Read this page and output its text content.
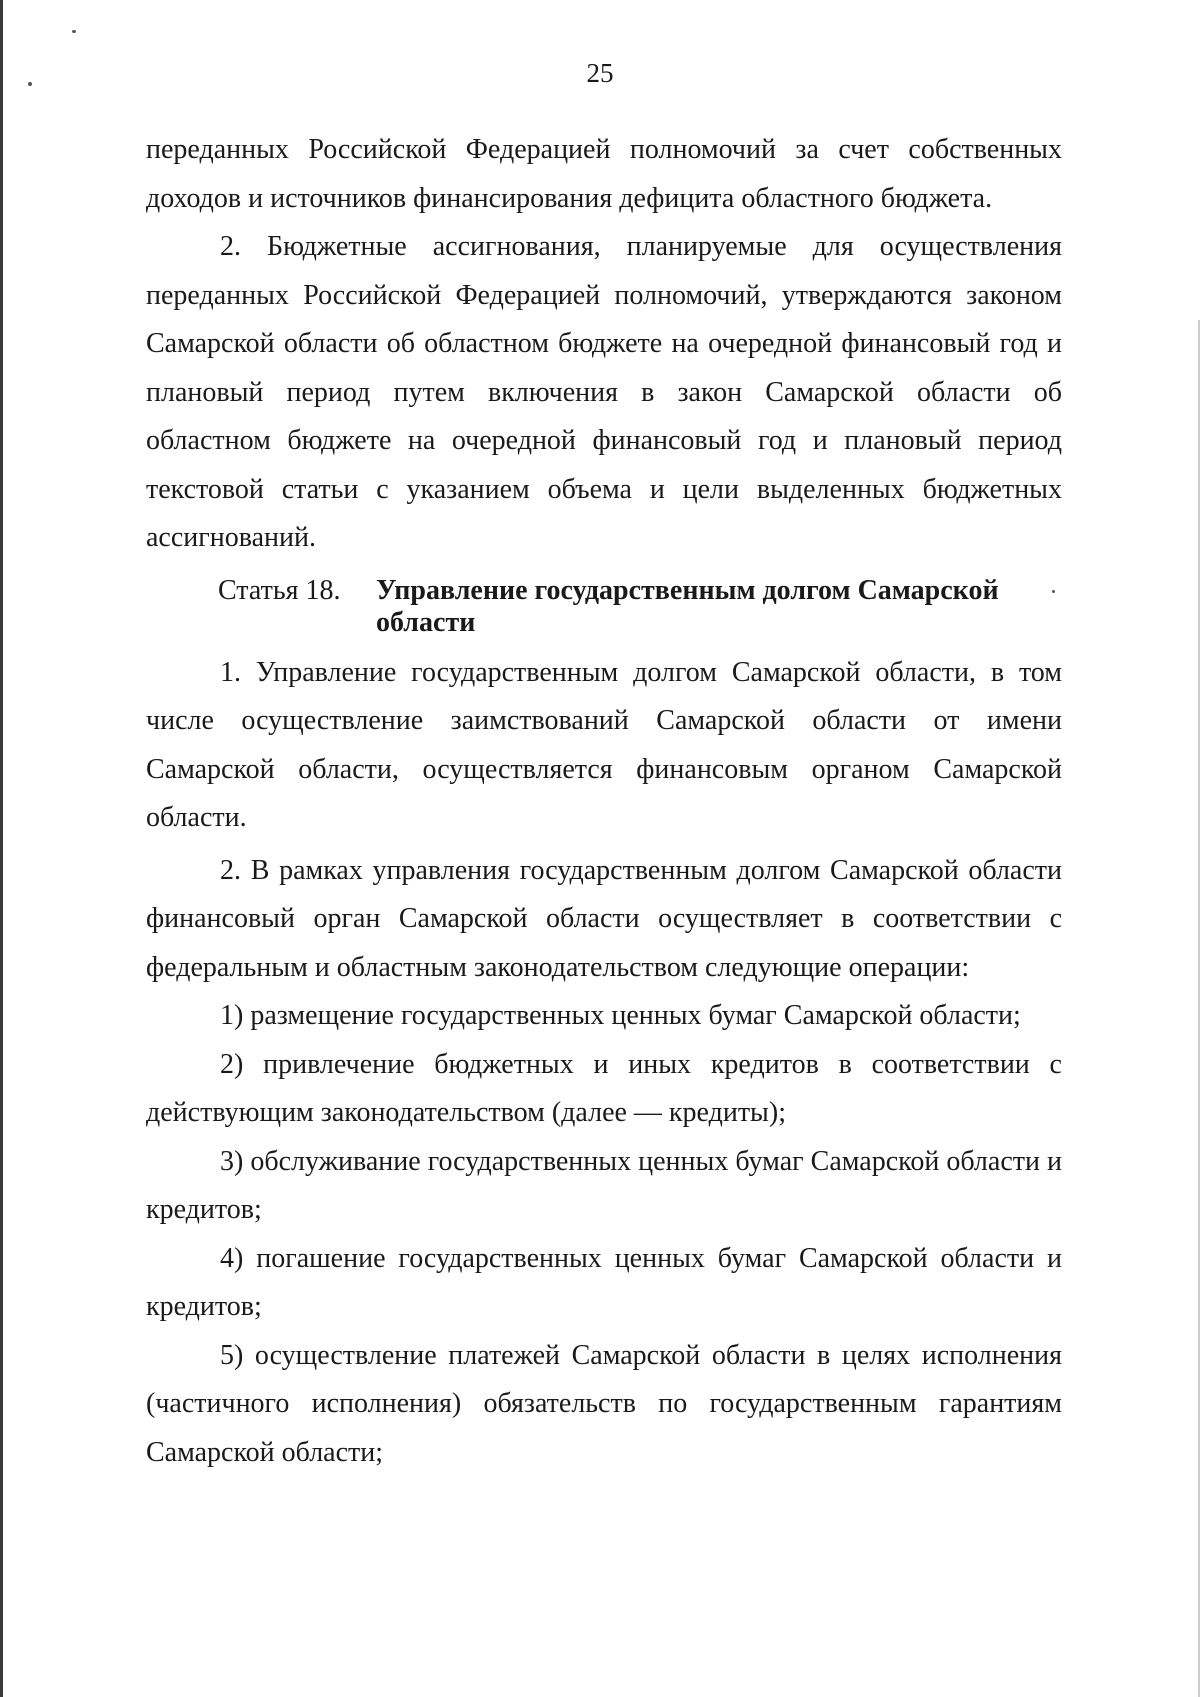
25

переданных Российской Федерацией полномочий за счет собственных доходов и источников финансирования дефицита областного бюджета.

2. Бюджетные ассигнования, планируемые для осуществления переданных Российской Федерацией полномочий, утверждаются законом Самарской области об областном бюджете на очередной финансовый год и плановый период путем включения в закон Самарской области об областном бюджете на очередной финансовый год и плановый период текстовой статьи с указанием объема и цели выделенных бюджетных ассигнований.

Статья 18.	Управление государственным долгом Самарской области

1. Управление государственным долгом Самарской области, в том числе осуществление заимствований Самарской области от имени Самарской области, осуществляется финансовым органом Самарской области.

2. В рамках управления государственным долгом Самарской области финансовый орган Самарской области осуществляет в соответствии с федеральным и областным законодательством следующие операции:

1) размещение государственных ценных бумаг Самарской области;

2) привлечение бюджетных и иных кредитов в соответствии с действующим законодательством (далее — кредиты);

3) обслуживание государственных ценных бумаг Самарской области и кредитов;

4) погашение государственных ценных бумаг Самарской области и кредитов;

5) осуществление платежей Самарской области в целях исполнения (частичного исполнения) обязательств по государственным гарантиям Самарской области;
